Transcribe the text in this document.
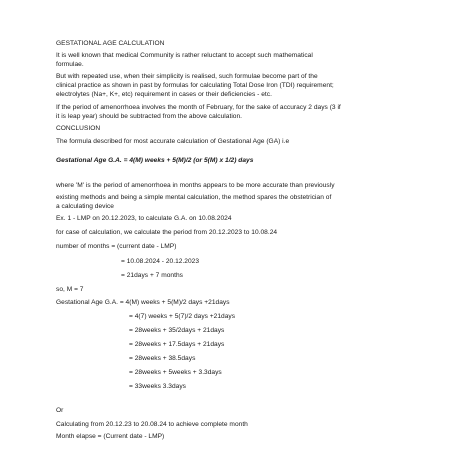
GESTATIONAL AGE CALCULATION
It is well known that medical Community is rather reluctant to accept such mathematical
formulae.
But with repeated use, when their simplicity is realised, such formulae become part of the
clinical practice as shown in past by formulas for calculating Total Dose Iron (TDI) requirement;
electrolytes (Na+, K+, etc) requirement in cases or their deficiencies - etc.
If the period of amenorrhoea involves the month of February, for the sake of accuracy 2 days (3 if
it is leap year) should be subtracted from the above calculation.
CONCLUSION
The formula described for most accurate calculation of Gestational Age (GA) i.e
Gestational Age G.A. = 4(M) weeks + 5(M)/2 (or 5(M) x 1/2) days
where 'M' is the period of amenorrhoea in months appears to be more accurate than previously
existing methods and being a simple mental calculation, the method spares the obstetrician of
a calculating device
Ex. 1 - LMP on 20.12.2023, to calculate G.A. on 10.08.2024
for case of calculation, we calculate the period from 20.12.2023 to 10.08.24
number of months = (current date - LMP)
= 10.08.2024 - 20.12.2023
= 21days + 7 months
so, M = 7
Gestational Age G.A. = 4(M) weeks + 5(M)/2 days +21days
= 4(7) weeks + 5(7)/2 days +21days
= 28weeks + 35/2days + 21days
= 28weeks + 17.5days + 21days
= 28weeks + 38.5days
= 28weeks + 5weeks + 3.3days
= 33weeks 3.3days
Or
Calculating from 20.12.23 to 20.08.24 to achieve complete month
Month elapse = (Current date - LMP)
